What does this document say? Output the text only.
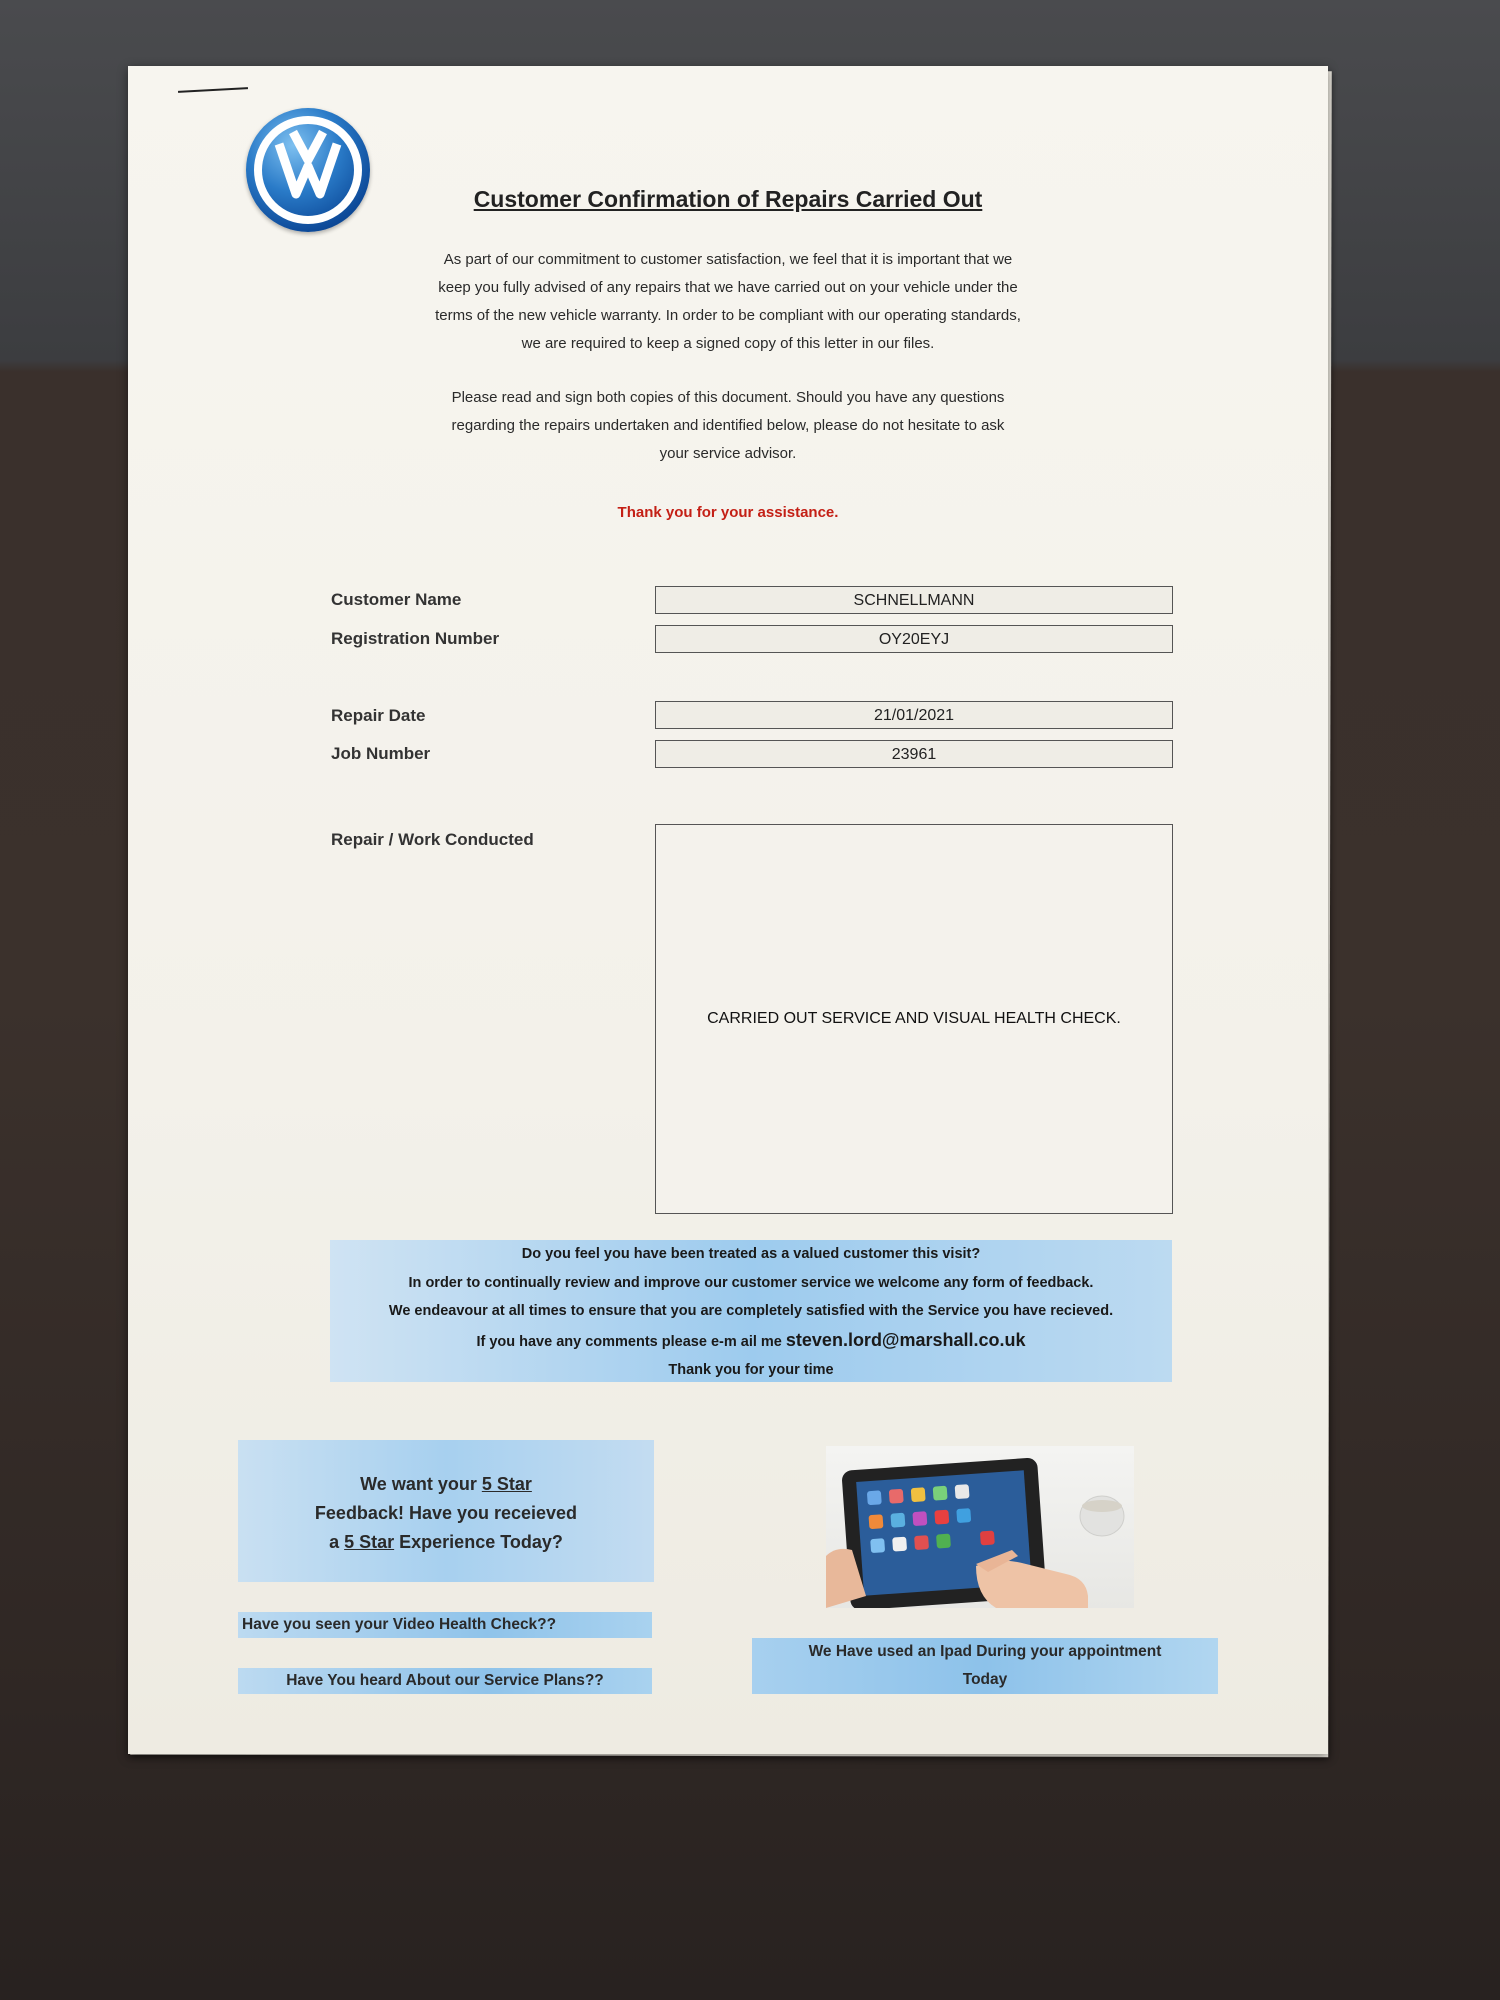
Customer Confirmation of Repairs Carried Out
As part of our commitment to customer satisfaction, we feel that it is important that we
keep you fully advised of any repairs that we have carried out on your vehicle under the
terms of the new vehicle warranty. In order to be compliant with our operating standards,
we are required to keep a signed copy of this letter in our files.
Please read and sign both copies of this document. Should you have any questions
regarding the repairs undertaken and identified below, please do not hesitate to ask
your service advisor.
Thank you for your assistance.
Customer Name	SCHNELLMANN
Registration Number	OY20EYJ
Repair Date	21/01/2021
Job Number	23961
Repair / Work Conducted
CARRIED OUT SERVICE AND VISUAL HEALTH CHECK.
Do you feel you have been treated as a valued customer this visit?
In order to continually review and improve our customer service we welcome any form of feedback.
We endeavour at all times to ensure that you are completely satisfied with the Service you have recieved.
If you have any comments please e-m ail me steven.lord@marshall.co.uk
Thank you for your time
We want your 5 Star
Feedback! Have you receieved
a 5 Star Experience Today?
Have you seen your Video Health Check??
Have You heard About our Service Plans??
We Have used an Ipad During your appointment
Today
